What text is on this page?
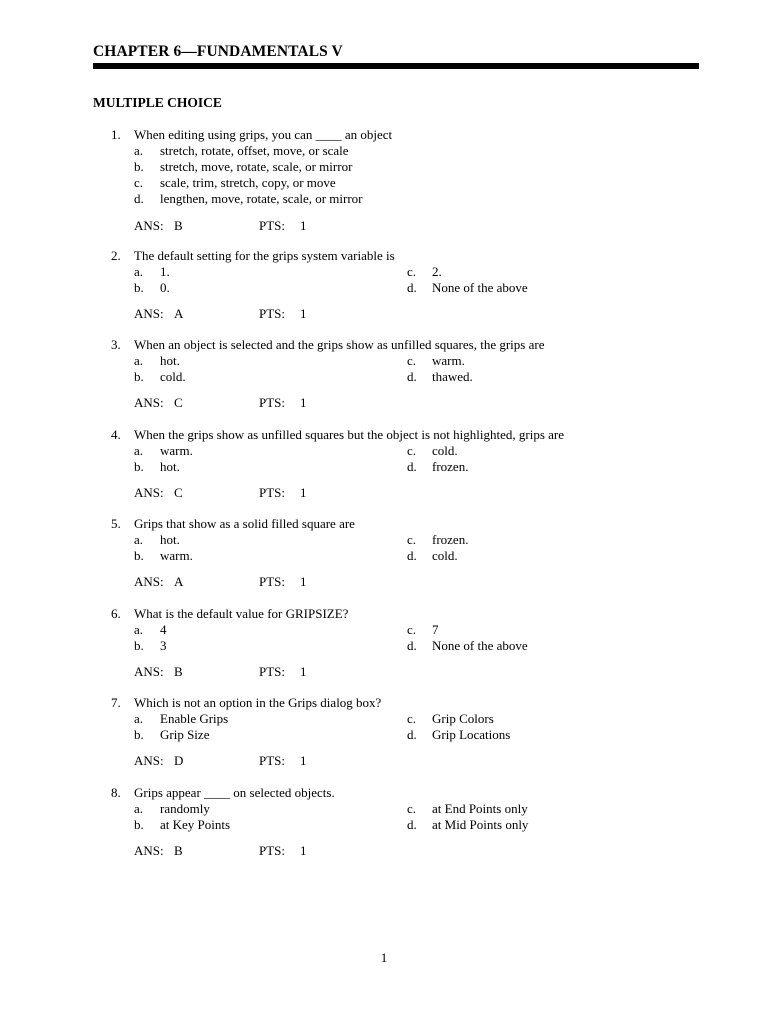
CHAPTER 6—FUNDAMENTALS V
MULTIPLE CHOICE
1. When editing using grips, you can ____ an object
a. stretch, rotate, offset, move, or scale
b. stretch, move, rotate, scale, or mirror
c. scale, trim, stretch, copy, or move
d. lengthen, move, rotate, scale, or mirror
ANS: B	PTS: 1
2. The default setting for the grips system variable is
a. 1.
b. 0.
c. 2.
d. None of the above
ANS: A	PTS: 1
3. When an object is selected and the grips show as unfilled squares, the grips are
a. hot.
b. cold.
c. warm.
d. thawed.
ANS: C	PTS: 1
4. When the grips show as unfilled squares but the object is not highlighted, grips are
a. warm.
b. hot.
c. cold.
d. frozen.
ANS: C	PTS: 1
5. Grips that show as a solid filled square are
a. hot.
b. warm.
c. frozen.
d. cold.
ANS: A	PTS: 1
6. What is the default value for GRIPSIZE?
a. 4
b. 3
c. 7
d. None of the above
ANS: B	PTS: 1
7. Which is not an option in the Grips dialog box?
a. Enable Grips
b. Grip Size
c. Grip Colors
d. Grip Locations
ANS: D	PTS: 1
8. Grips appear ____ on selected objects.
a. randomly
b. at Key Points
c. at End Points only
d. at Mid Points only
ANS: B	PTS: 1
1
